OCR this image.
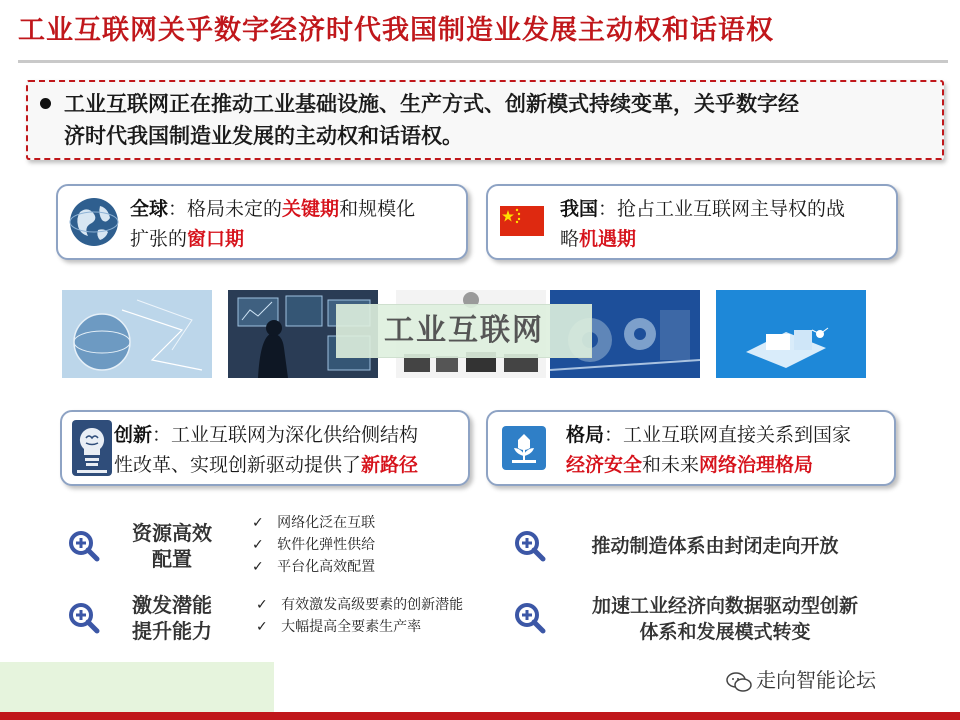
工业互联网关乎数字经济时代我国制造业发展主动权和话语权
工业互联网正在推动工业基础设施、生产方式、创新模式持续变革，关乎数字经
济时代我国制造业发展的主动权和话语权。
全球：格局未定的关键期和规模化
扩张的窗口期
我国：抢占工业互联网主导权的战
略机遇期
工业互联网
创新：工业互联网为深化供给侧结构
性改革、实现创新驱动提供了新路径
格局：工业互联网直接关系到国家
经济安全和未来网络治理格局
资源高效
配置
✓ 网络化泛在互联
✓ 软件化弹性供给
✓ 平台化高效配置
推动制造体系由封闭走向开放
激发潜能
提升能力
✓ 有效激发高级要素的创新潜能
✓ 大幅提高全要素生产率
加速工业经济向数据驱动型创新
体系和发展模式转变
走向智能论坛
